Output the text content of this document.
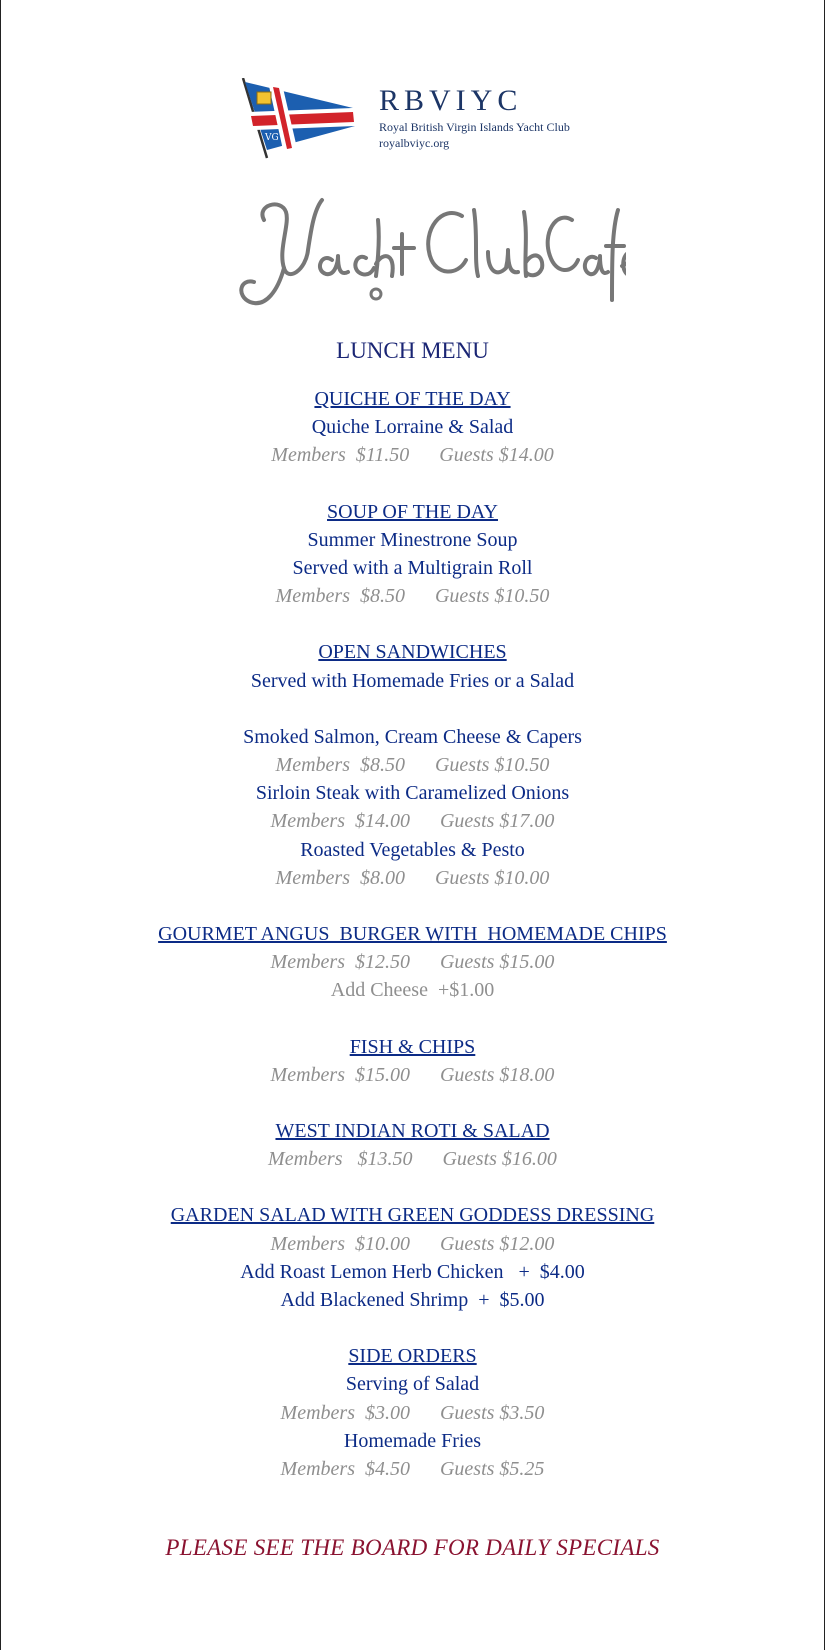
VG
RBVIYC
Royal British Virgin Islands Yacht Club
royalbviyc.org
LUNCH MENU
QUICHE OF THE DAY
Quiche Lorraine & Salad
Members  $11.50 Guests $14.00
SOUP OF THE DAY
Summer Minestrone Soup
Served with a Multigrain Roll
Members  $8.50 Guests $10.50
OPEN SANDWICHES
Served with Homemade Fries or a Salad
Smoked Salmon, Cream Cheese & Capers
Members  $8.50 Guests $10.50
Sirloin Steak with Caramelized Onions
Members  $14.00 Guests $17.00
Roasted Vegetables & Pesto
Members  $8.00 Guests $10.00
GOURMET ANGUS  BURGER WITH  HOMEMADE CHIPS
Members  $12.50 Guests $15.00
Add Cheese  +$1.00
FISH & CHIPS
Members  $15.00 Guests $18.00
WEST INDIAN ROTI & SALAD
Members   $13.50 Guests $16.00
GARDEN SALAD WITH GREEN GODDESS DRESSING
Members  $10.00 Guests $12.00
Add Roast Lemon Herb Chicken   +  $4.00
Add Blackened Shrimp  +  $5.00
SIDE ORDERS
Serving of Salad
Members  $3.00 Guests $3.50
Homemade Fries
Members  $4.50 Guests $5.25
PLEASE SEE THE BOARD FOR DAILY SPECIALS
